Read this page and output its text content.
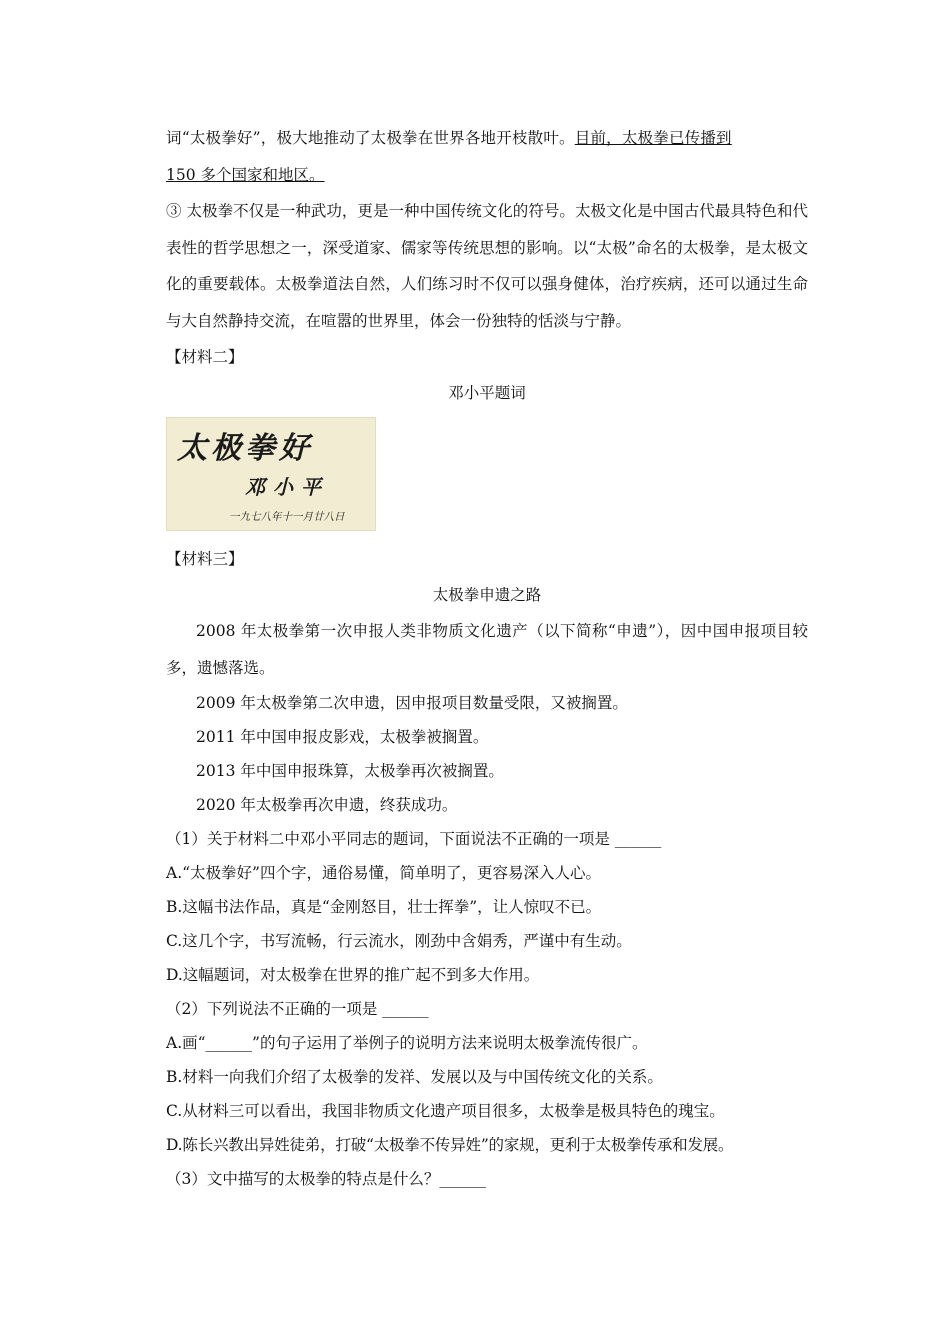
词“太极拳好”，极大地推动了太极拳在世界各地开枝散叶。目前，太极拳已传播到

150 多个国家和地区。

③ 太极拳不仅是一种武功，更是一种中国传统文化的符号。太极文化是中国古代最具特色和代表性的哲学思想之一，深受道家、儒家等传统思想的影响。以“太极”命名的太极拳，是太极文化的重要载体。太极拳道法自然，人们练习时不仅可以强身健体，治疗疾病，还可以通过生命与大自然静持交流，在喧嚣的世界里，体会一份独特的恬淡与宁静。

【材料二】

邓小平题词

太极拳好
邓小平
一九七八年十一月廿八日

【材料三】

太极拳申遗之路

2008 年太极拳第一次申报人类非物质文化遗产（以下简称“申遗”），因中国申报项目较多，遗憾落选。

2009 年太极拳第二次申遗，因申报项目数量受限，又被搁置。

2011 年中国申报皮影戏，太极拳被搁置。

2013 年中国申报珠算，太极拳再次被搁置。

2020 年太极拳再次申遗，终获成功。

（1）关于材料二中邓小平同志的题词，下面说法不正确的一项是 ______

A.“太极拳好”四个字，通俗易懂，简单明了，更容易深入人心。

B.这幅书法作品，真是“金刚怒目，壮士挥拳”，让人惊叹不已。

C.这几个字，书写流畅，行云流水，刚劲中含娟秀，严谨中有生动。

D.这幅题词，对太极拳在世界的推广起不到多大作用。

（2）下列说法不正确的一项是 ______

A.画“______”的句子运用了举例子的说明方法来说明太极拳流传很广。

B.材料一向我们介绍了太极拳的发祥、发展以及与中国传统文化的关系。

C.从材料三可以看出，我国非物质文化遗产项目很多，太极拳是极具特色的瑰宝。

D.陈长兴教出异姓徒弟，打破“太极拳不传异姓”的家规，更利于太极拳传承和发展。

（3）文中描写的太极拳的特点是什么？______
